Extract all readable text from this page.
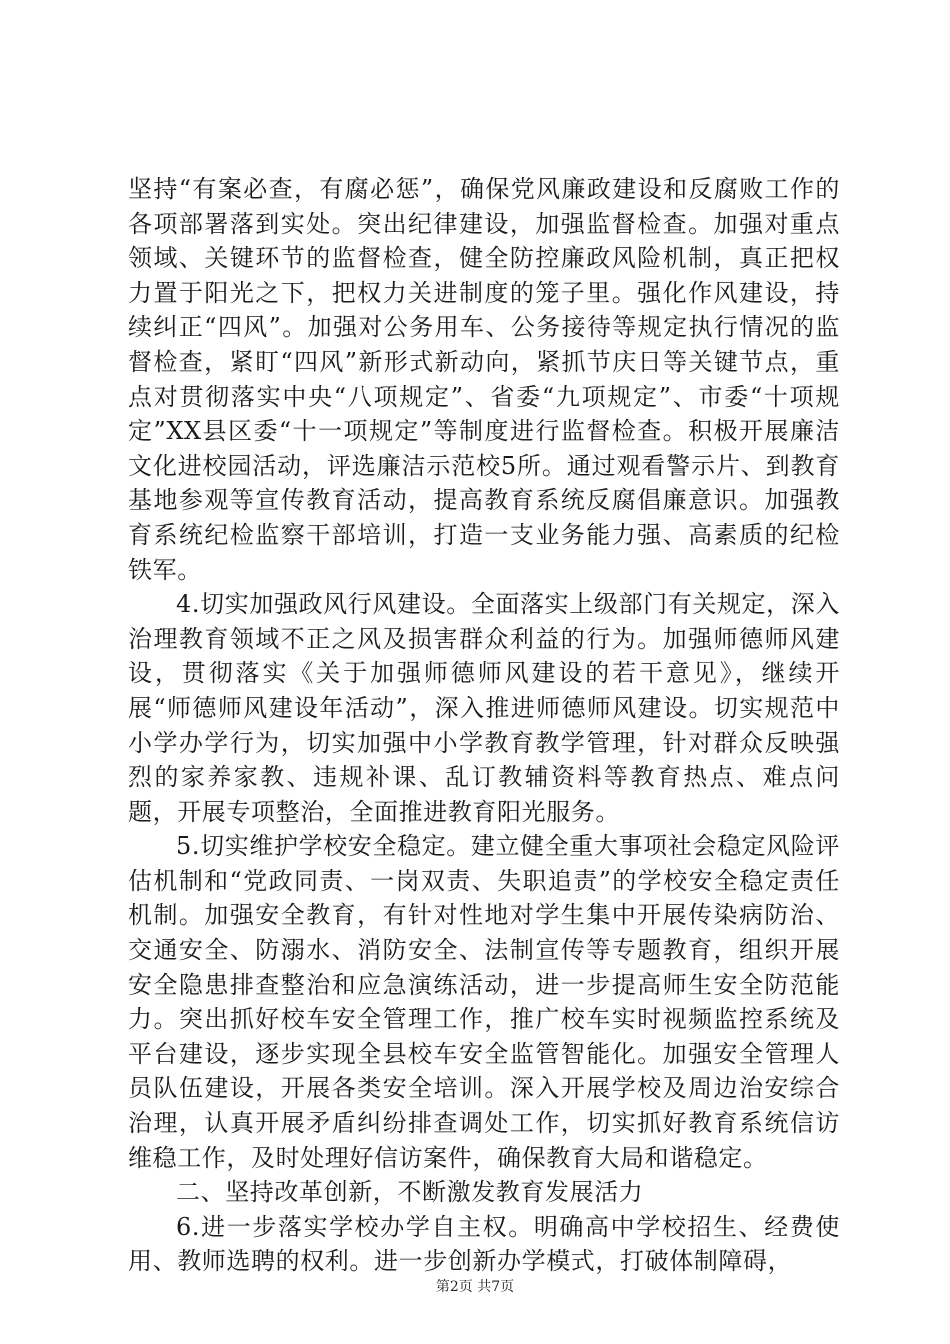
坚持“有案必查，有腐必惩”，确保党风廉政建设和反腐败工作的各项部署落到实处。突出纪律建设，加强监督检查。加强对重点领域、关键环节的监督检查，健全防控廉政风险机制，真正把权力置于阳光之下，把权力关进制度的笼子里。强化作风建设，持续纠正“四风”。加强对公务用车、公务接待等规定执行情况的监督检查，紧盯“四风”新形式新动向，紧抓节庆日等关键节点，重点对贯彻落实中央“八项规定”、省委“九项规定”、市委“十项规定”XX县区委“十一项规定”等制度进行监督检查。积极开展廉洁文化进校园活动，评选廉洁示范校5所。通过观看警示片、到教育基地参观等宣传教育活动，提高教育系统反腐倡廉意识。加强教育系统纪检监察干部培训，打造一支业务能力强、高素质的纪检铁军。

4.切实加强政风行风建设。全面落实上级部门有关规定，深入治理教育领域不正之风及损害群众利益的行为。加强师德师风建设，贯彻落实《关于加强师德师风建设的若干意见》，继续开展“师德师风建设年活动”，深入推进师德师风建设。切实规范中小学办学行为，切实加强中小学教育教学管理，针对群众反映强烈的家养家教、违规补课、乱订教辅资料等教育热点、难点问题，开展专项整治，全面推进教育阳光服务。

5.切实维护学校安全稳定。建立健全重大事项社会稳定风险评估机制和“党政同责、一岗双责、失职追责”的学校安全稳定责任机制。加强安全教育，有针对性地对学生集中开展传染病防治、交通安全、防溺水、消防安全、法制宣传等专题教育，组织开展安全隐患排查整治和应急演练活动，进一步提高师生安全防范能力。突出抓好校车安全管理工作，推广校车实时视频监控系统及平台建设，逐步实现全县校车安全监管智能化。加强安全管理人员队伍建设，开展各类安全培训。深入开展学校及周边治安综合治理，认真开展矛盾纠纷排查调处工作，切实抓好教育系统信访维稳工作，及时处理好信访案件，确保教育大局和谐稳定。

二、坚持改革创新，不断激发教育发展活力

6.进一步落实学校办学自主权。明确高中学校招生、经费使用、教师选聘的权利。进一步创新办学模式，打破体制障碍，

第2页 共7页
